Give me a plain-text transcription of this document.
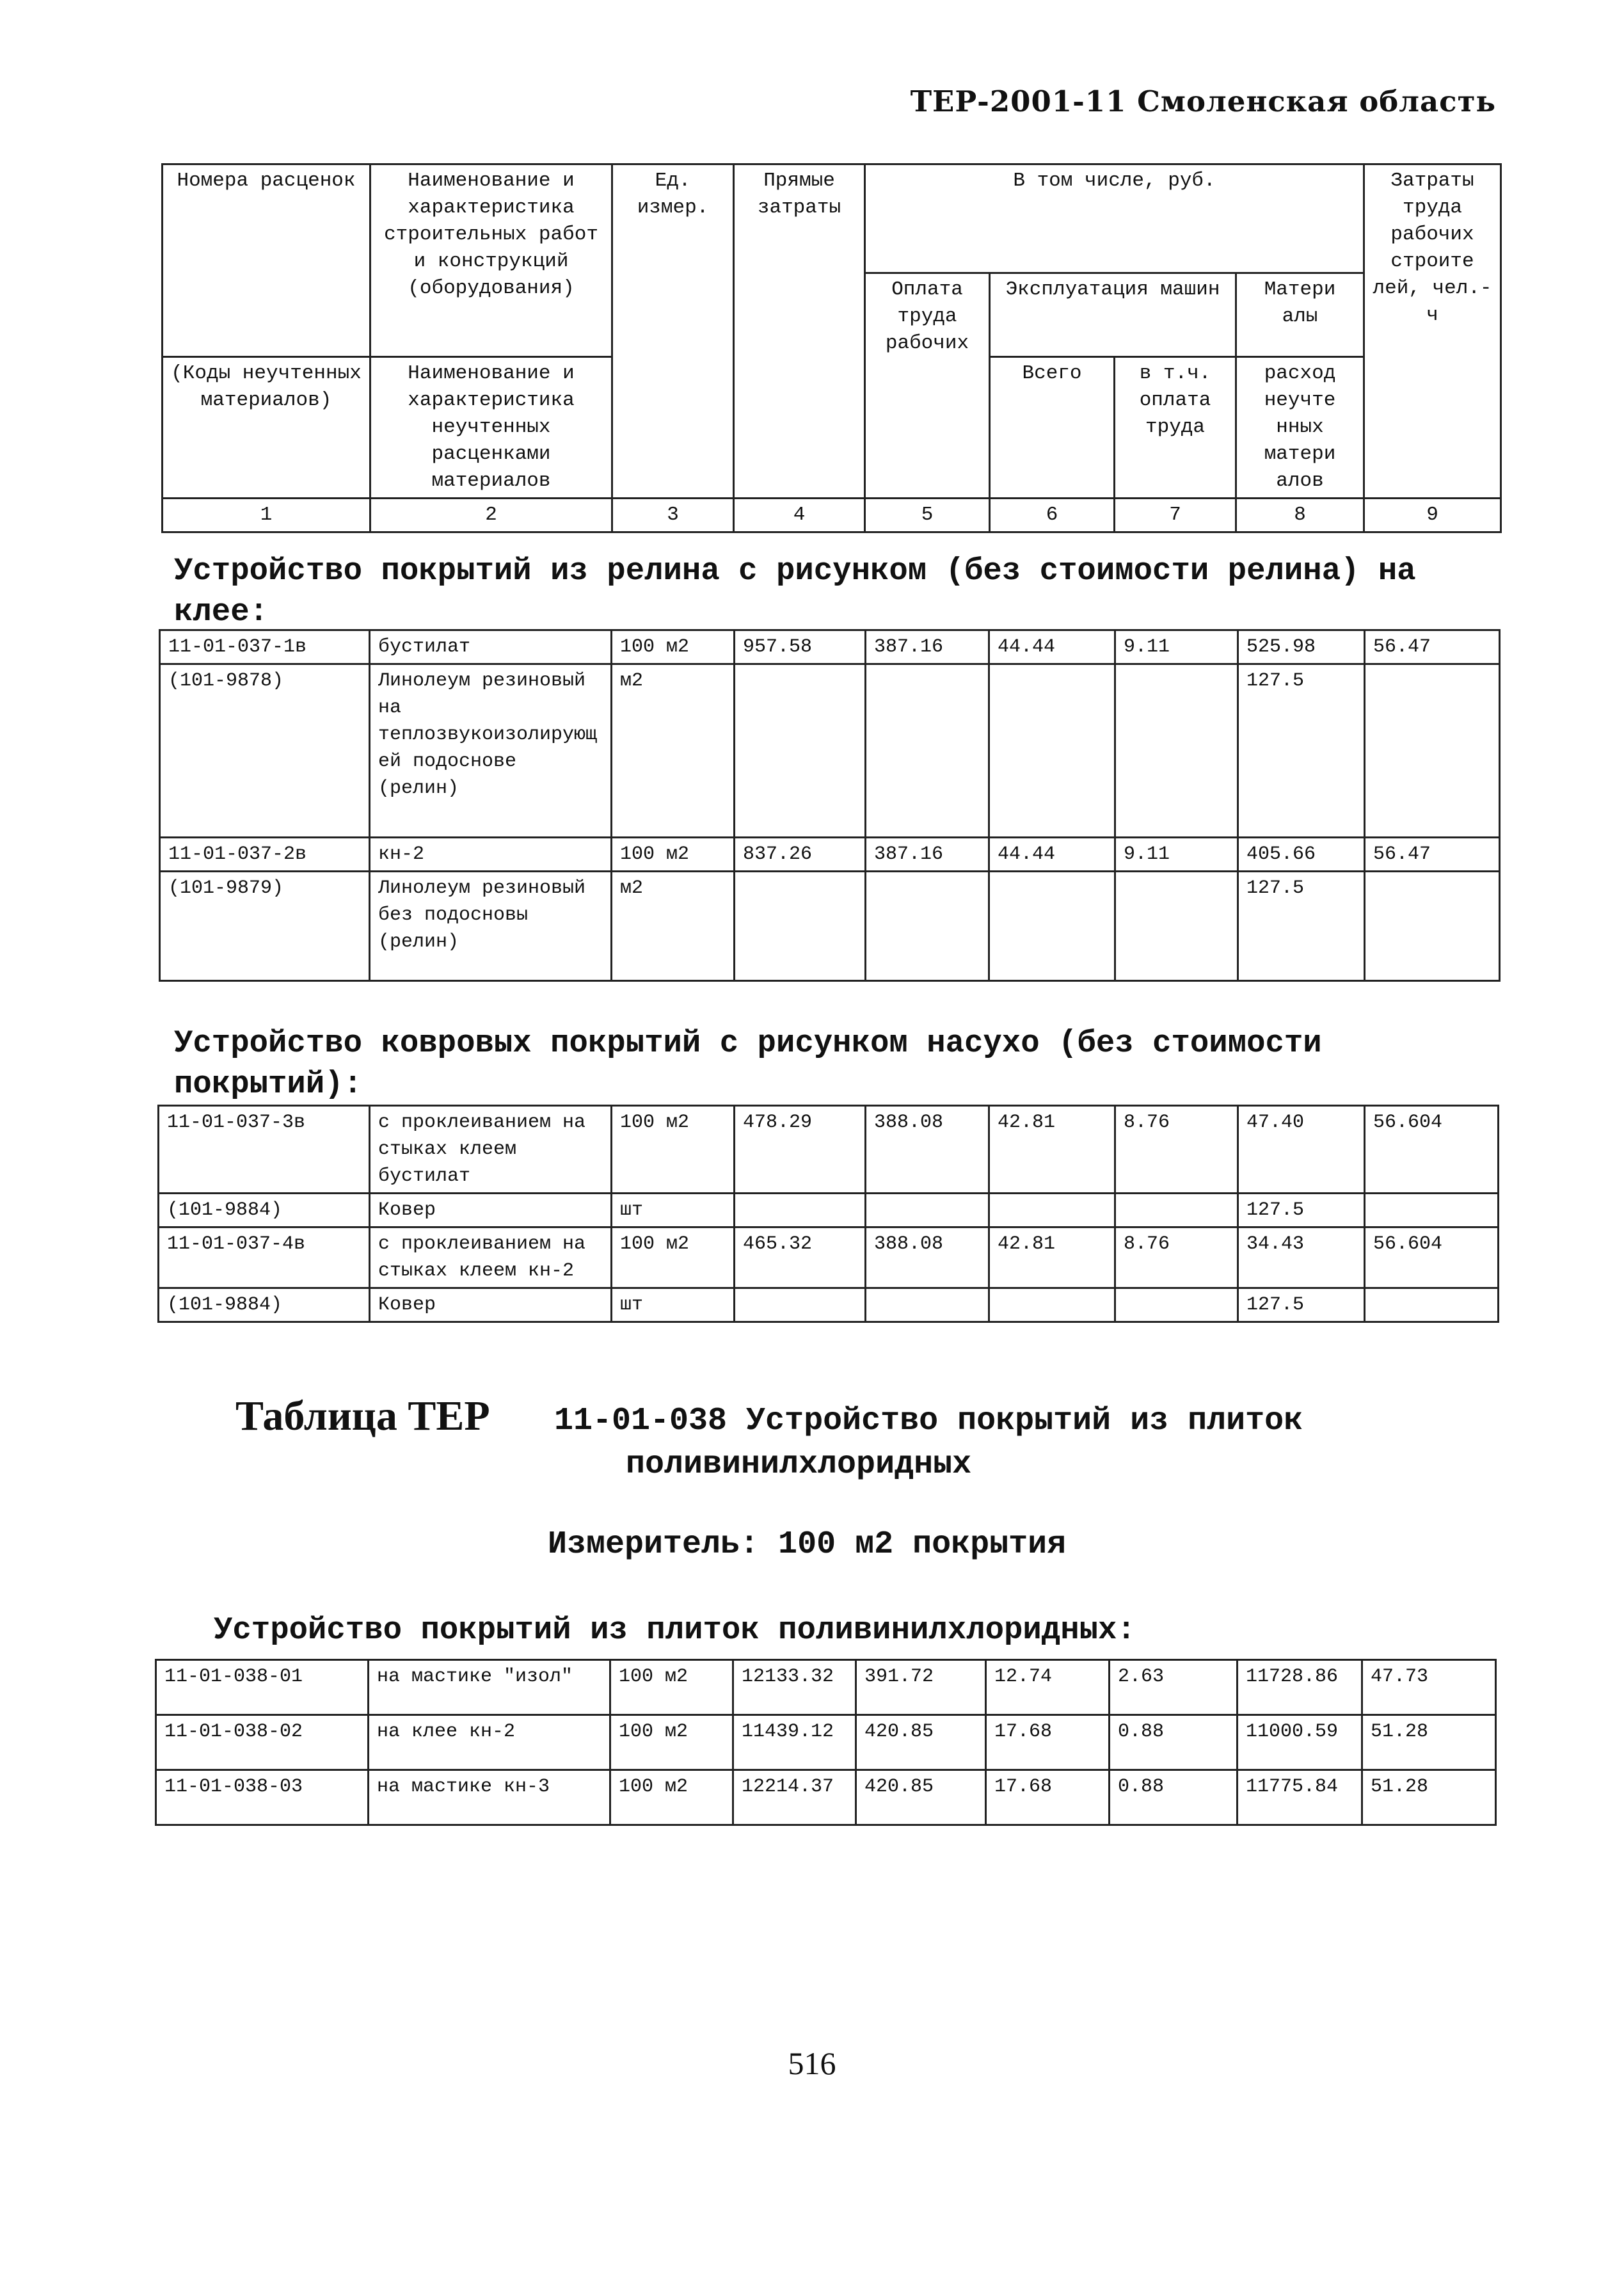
ТЕР-2001-11 Смоленская область
Номера расценок	Наименование и характеристика строительных работ и конструкций (оборудования)	Ед. измер.	Прямые затраты	В том числе, руб.				Затраты труда рабочих строите лей, чел.-ч	
				Оплата труда рабочих	Эксплуатация машин		Матери алы		
(Коды неучтенных материалов)	Наименование и характеристика неучтенных расценками материалов				Всего	в т.ч. оплата труда	расход неучте нных матери алов		

1	2	3	4	5	6	7	8	9	
Устройство покрытий из релина с рисунком (без стоимости релина) на клее:
11-01-037-1в	бустилат	100 м2	957.58	387.16	44.44	9.11	525.98	56.47
(101-9878)	Линолеум резиновый на теплозвукоизолирующей подоснове (релин)	м2					127.5	
11-01-037-2в	кн-2	100 м2	837.26	387.16	44.44	9.11	405.66	56.47
(101-9879)	Линолеум резиновый без подосновы (релин)	м2					127.5	
Устройство ковровых покрытий с рисунком насухо (без стоимости покрытий):
11-01-037-3в	с проклеиванием на стыках клеем бустилат	100 м2	478.29	388.08	42.81	8.76	47.40	56.604
(101-9884)	Ковер	шт					127.5	
11-01-037-4в	с проклеиванием на стыках клеем кн-2	100 м2	465.32	388.08	42.81	8.76	34.43	56.604
(101-9884)	Ковер	шт					127.5	
Таблица ТЕР 11-01-038 Устройство покрытий из плиток
поливинилхлоридных
Измеритель: 100 м2 покрытия
Устройство покрытий из плиток поливинилхлоридных:
11-01-038-01	на мастике "изол"	100 м2	12133.32	391.72	12.74	2.63	11728.86	47.73
11-01-038-02	на клее кн-2	100 м2	11439.12	420.85	17.68	0.88	11000.59	51.28
11-01-038-03	на мастике кн-3	100 м2	12214.37	420.85	17.68	0.88	11775.84	51.28
516
